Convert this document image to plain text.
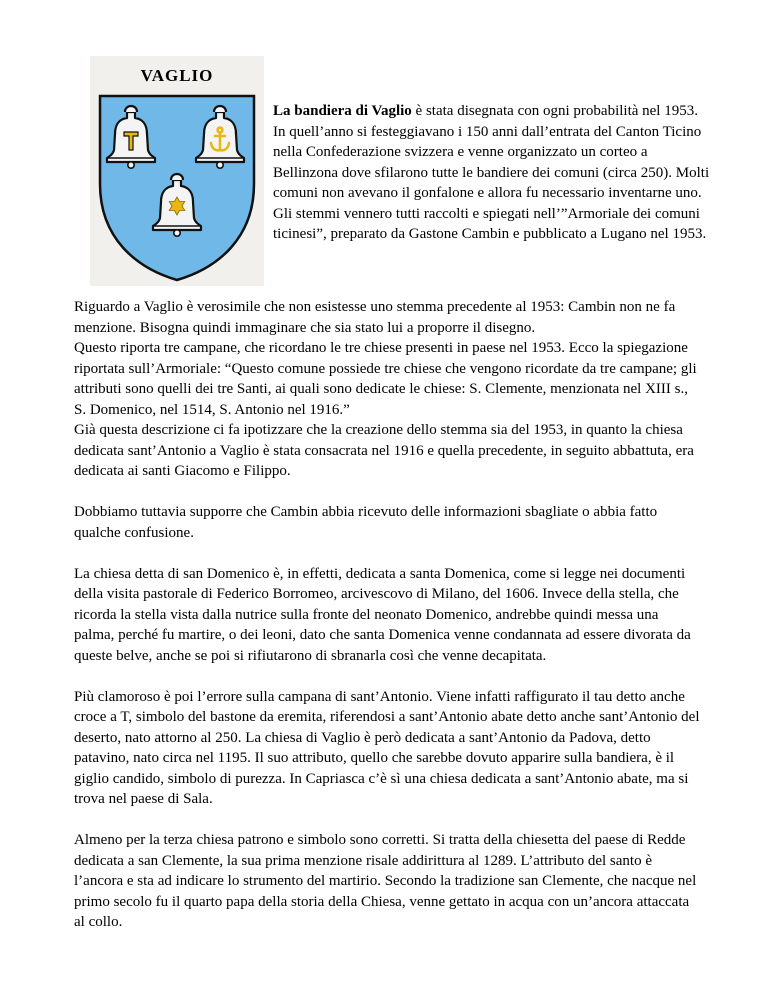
VAGLIO

La bandiera di Vaglio è stata disegnata con ogni probabilità nel 1953. In quell’anno si festeggiavano i 150 anni dall’entrata del Canton Ticino nella Confederazione svizzera e venne organizzato un corteo a Bellinzona dove sfilarono tutte le bandiere dei comuni (circa 250). Molti comuni non avevano il gonfalone e allora fu necessario inventarne uno. Gli stemmi vennero tutti raccolti e spiegati nell’”Armoriale dei comuni ticinesi”, preparato da Gastone Cambin e pubblicato a Lugano nel 1953.

Riguardo a Vaglio è verosimile che non esistesse uno stemma precedente al 1953: Cambin non ne fa menzione. Bisogna quindi immaginare che sia stato lui a proporre il disegno.
Questo riporta tre campane, che ricordano le tre chiese presenti in paese nel 1953. Ecco la spiegazione riportata sull’Armoriale: “Questo comune possiede tre chiese che vengono ricordate da tre campane; gli attributi sono quelli dei tre Santi, ai quali sono dedicate le chiese: S. Clemente, menzionata nel XIII s., S. Domenico, nel 1514, S. Antonio nel 1916.”
Già questa descrizione ci fa ipotizzare che la creazione dello stemma sia del 1953, in quanto la chiesa dedicata sant’Antonio a Vaglio è stata consacrata nel 1916 e quella precedente, in seguito abbattuta, era dedicata ai santi Giacomo e Filippo.

Dobbiamo tuttavia supporre che Cambin abbia ricevuto delle informazioni sbagliate o abbia fatto qualche confusione.

La chiesa detta di san Domenico è, in effetti, dedicata a santa Domenica, come si legge nei documenti della visita pastorale di Federico Borromeo, arcivescovo di Milano, del 1606. Invece della stella, che ricorda la stella vista dalla nutrice sulla fronte del neonato Domenico, andrebbe quindi messa una palma, perché fu martire, o dei leoni, dato che santa Domenica venne condannata ad essere divorata da queste belve, anche se poi si rifiutarono di sbranarla così che venne decapitata.

Più clamoroso è poi l’errore sulla campana di sant’Antonio. Viene infatti raffigurato il tau detto anche croce a T, simbolo del bastone da eremita, riferendosi a sant’Antonio abate detto anche sant’Antonio del deserto, nato attorno al 250. La chiesa di Vaglio è però dedicata a sant’Antonio da Padova, detto patavino, nato circa nel 1195. Il suo attributo, quello che sarebbe dovuto apparire sulla bandiera, è il giglio candido, simbolo di purezza. In Capriasca c’è sì una chiesa dedicata a sant’Antonio abate, ma si trova nel paese di Sala.

Almeno per la terza chiesa patrono e simbolo sono corretti. Si tratta della chiesetta del paese di Redde dedicata a san Clemente, la sua prima menzione risale addirittura al 1289. L’attributo del santo è l’ancora e sta ad indicare lo strumento del martirio. Secondo la tradizione san Clemente, che nacque nel primo secolo fu il quarto papa della storia della Chiesa, venne gettato in acqua con un’ancora attaccata al collo.
